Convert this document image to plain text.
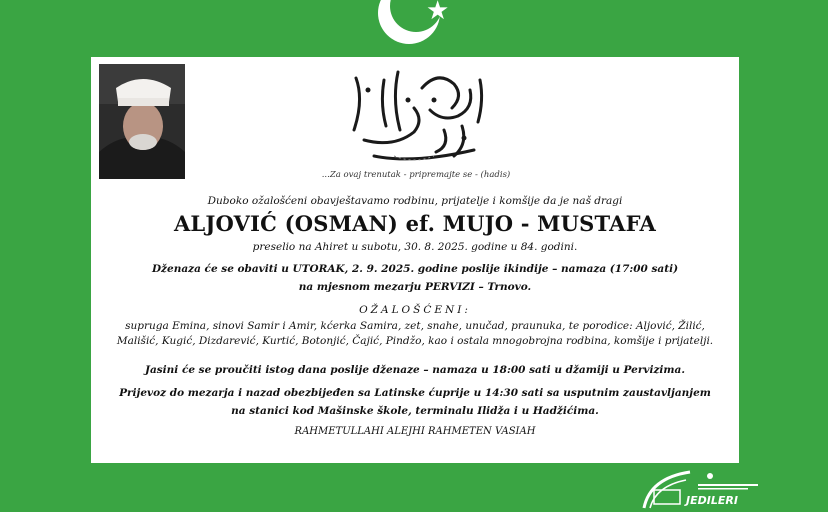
★
...Za ovaj trenutak - pripremajte se - (hadis)
Duboko ožalošćeni obavještavamo rodbinu, prijatelje i komšije da je naš dragi
ALJOVIĆ (OSMAN) ef. MUJO - MUSTAFA
preselio na Ahiret u subotu, 30. 8. 2025. godine u 84. godini.
Dženaza će se obaviti u UTORAK, 2. 9. 2025. godine poslije ikindije – namaza (17:00 sati)
na mjesnom mezarju PERVIZI – Trnovo.
OŽALOŠĆENI:
supruga Emina, sinovi Samir i Amir, kćerka Samira, zet, snahe, unučad, praunuka, te porodice: Aljović, Žilić, Mališić, Kugić, Dizdarević, Kurtić, Botonjić, Čajić, Pindžo, kao i ostala mnogobrojna rodbina, komšije i prijatelji.
Jasini će se proučiti istog dana poslije dženaze – namaza u 18:00 sati u džamiji u Pervizima.
Prijevoz do mezarja i nazad obezbijeđen sa Latinske ćuprije u 14:30 sati sa usputnim zaustavljanjem
na stanici kod Mašinske škole, terminalu Ilidža i u Hadžićima.
RAHMETULLAHI ALEJHI RAHMETEN VASIAH
JEDILERI
